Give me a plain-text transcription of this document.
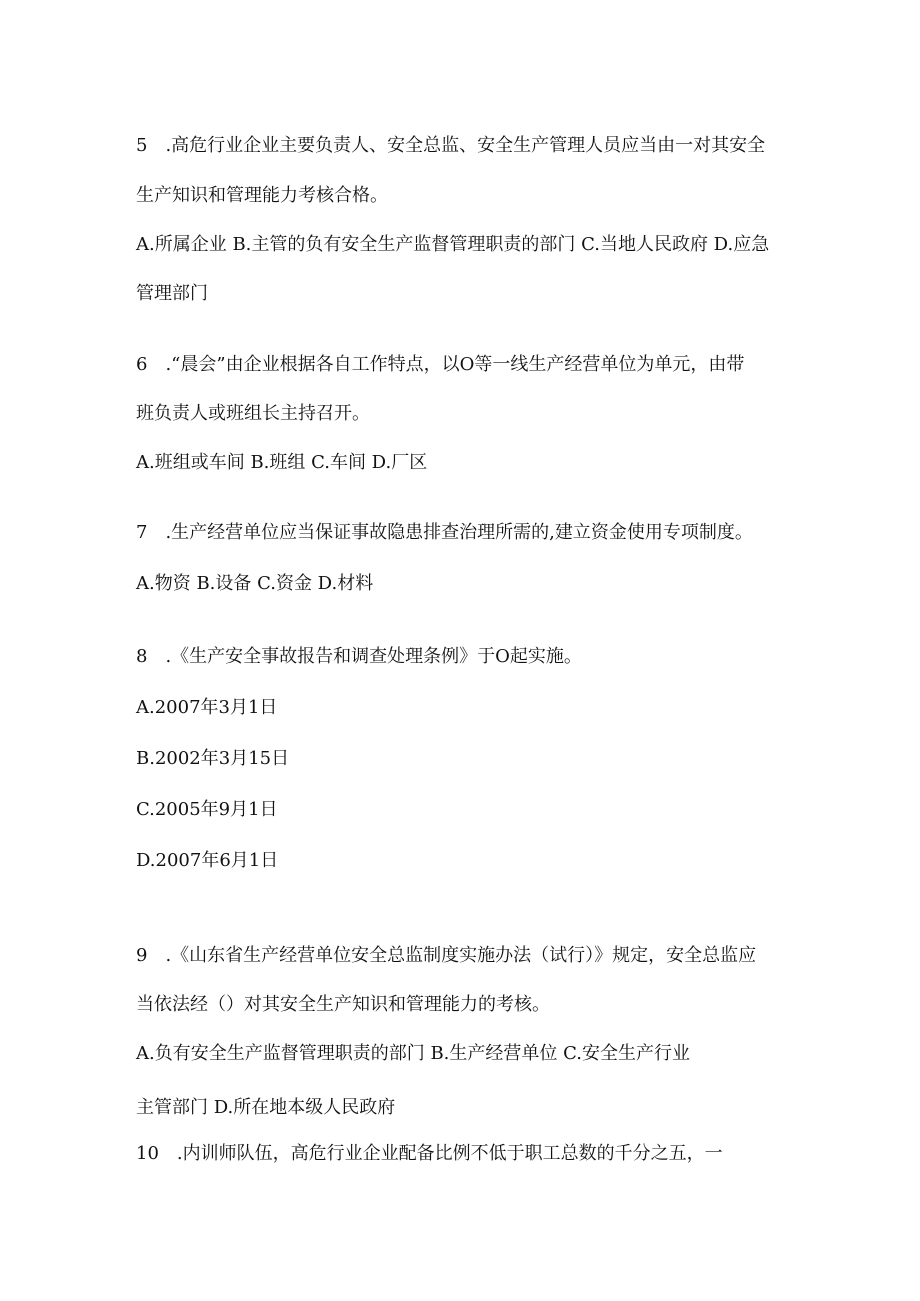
5　.高危行业企业主要负责人、安全总监、安全生产管理人员应当由一对其安全
生产知识和管理能力考核合格。
A.所属企业 B.主管的负有安全生产监督管理职责的部门 C.当地人民政府 D.应急
管理部门
6　.“晨会”由企业根据各自工作特点，以O等一线生产经营单位为单元，由带
班负责人或班组长主持召开。
A.班组或车间 B.班组 C.车间 D.厂区
7　.生产经营单位应当保证事故隐患排查治理所需的,建立资金使用专项制度。
A.物资 B.设备 C.资金 D.材料
8　.《生产安全事故报告和调查处理条例》于O起实施。
A.2007年3月1日
B.2002年3月15日
C.2005年9月1日
D.2007年6月1日
9　.《山东省生产经营单位安全总监制度实施办法（试行）》规定，安全总监应
当依法经（）对其安全生产知识和管理能力的考核。
A.负有安全生产监督管理职责的部门 B.生产经营单位 C.安全生产行业
主管部门 D.所在地本级人民政府
10　.内训师队伍，高危行业企业配备比例不低于职工总数的千分之五，一
